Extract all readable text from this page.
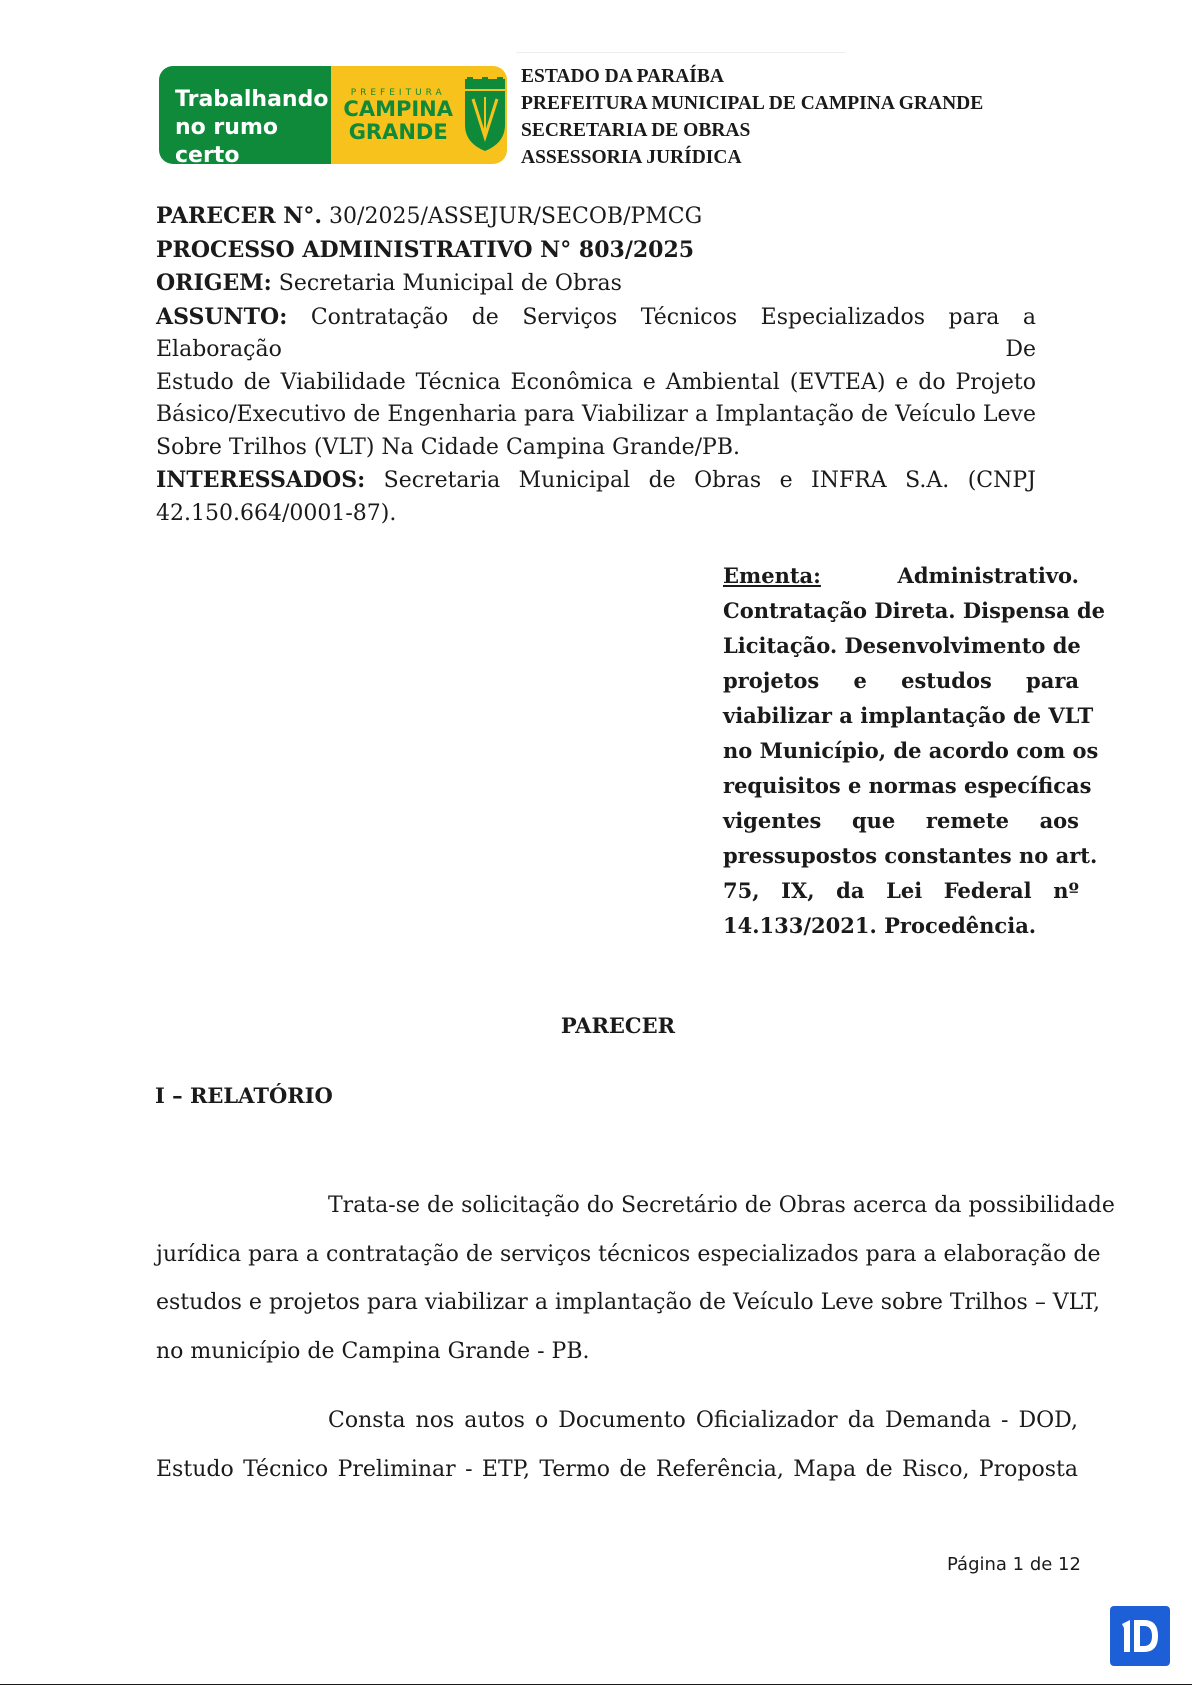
Trabalhando
no rumo certo
PREFEITURA
CAMPINA
GRANDE
ESTADO DA PARAÍBA
PREFEITURA MUNICIPAL DE CAMPINA GRANDE
SECRETARIA DE OBRAS
ASSESSORIA JURÍDICA
PARECER N°. 30/2025/ASSEJUR/SECOB/PMCG
PROCESSO ADMINISTRATIVO N° 803/2025
ORIGEM: Secretaria Municipal de Obras
ASSUNTO: Contratação de Serviços Técnicos Especializados para a Elaboração De
Estudo de Viabilidade Técnica Econômica e Ambiental (EVTEA) e do Projeto
Básico/Executivo de Engenharia para Viabilizar a Implantação de Veículo Leve
Sobre Trilhos (VLT) Na Cidade Campina Grande/PB.
INTERESSADOS: Secretaria Municipal de Obras e INFRA S.A. (CNPJ
42.150.664/0001-87).
Ementa:	Administrativo.
Contratação Direta. Dispensa de
Licitação. Desenvolvimento de
projetos e estudos para
viabilizar a implantação de VLT
no Município, de acordo com os
requisitos e normas específicas
vigentes que remete aos
pressupostos constantes no art.
75, IX, da Lei Federal nº
14.133/2021. Procedência.
PARECER
I – RELATÓRIO
Trata-se de solicitação do Secretário de Obras acerca da possibilidade
jurídica para a contratação de serviços técnicos especializados para a elaboração de
estudos e projetos para viabilizar a implantação de Veículo Leve sobre Trilhos – VLT,
no município de Campina Grande - PB.
Consta nos autos o Documento Oficializador da Demanda - DOD,
Estudo Técnico Preliminar - ETP, Termo de Referência, Mapa de Risco, Proposta
Página 1 de 12
